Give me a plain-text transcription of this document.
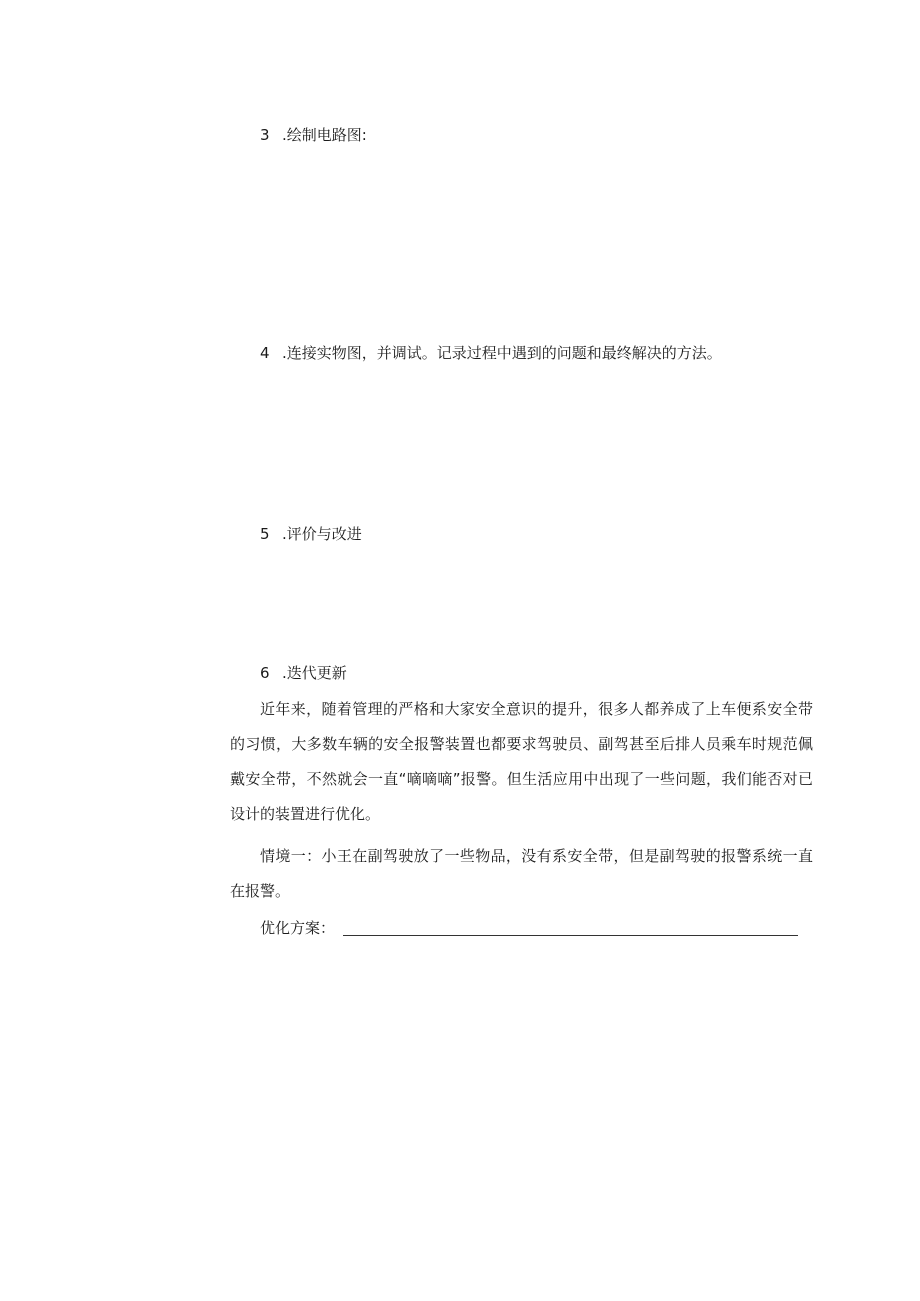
3 .绘制电路图:
4 .连接实物图，并调试。记录过程中遇到的问题和最终解决的方法。
5 .评价与改进
6 .迭代更新

近年来，随着管理的严格和大家安全意识的提升，很多人都养成了上车便系安全带的习惯，大多数车辆的安全报警装置也都要求驾驶员、副驾甚至后排人员乘车时规范佩戴安全带，不然就会一直“嘀嘀嘀”报警。但生活应用中出现了一些问题，我们能否对已设计的装置进行优化。

情境一：小王在副驾驶放了一些物品，没有系安全带，但是副驾驶的报警系统一直在报警。

优化方案：
